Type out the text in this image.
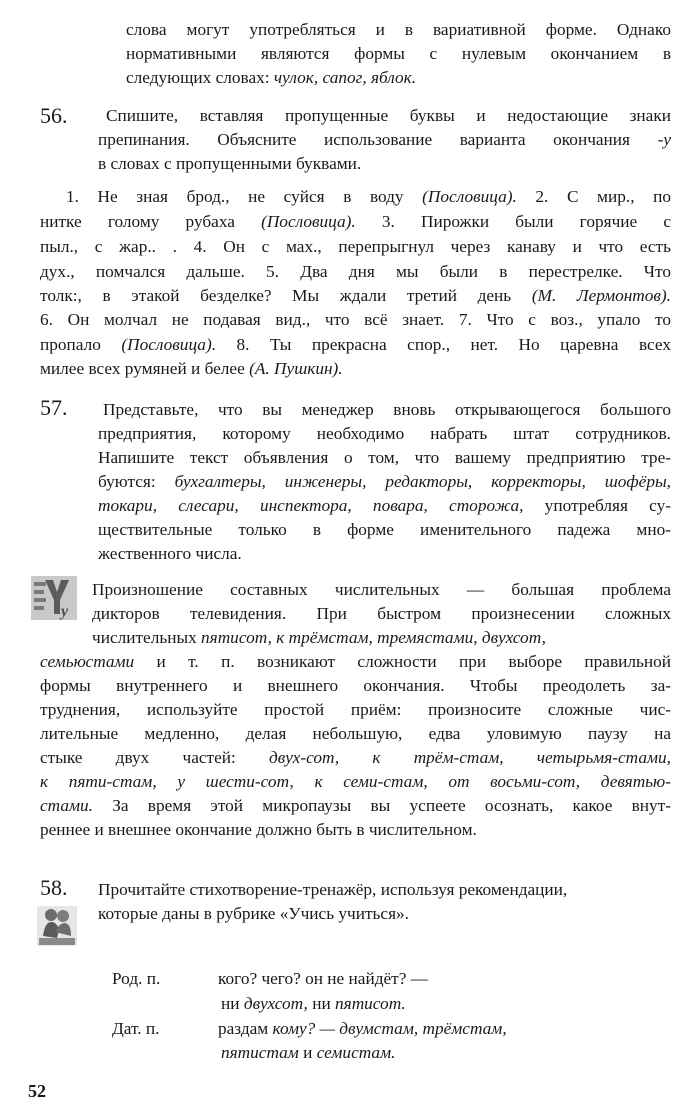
слова могут употребляться и в вариативной форме. Однако
нормативными являются формы с нулевым окончанием в
следующих словах: чулок, сапог, яблок.
56. Спишите, вставляя пропущенные буквы и недостающие знаки
препинания. Объясните использование варианта окончания -у
в словах с пропущенными буквами.
1. Не зная брод., не суйся в воду (Пословица). 2. С мир., по
нитке голому рубаха (Пословица). 3. Пирожки были горячие с
пыл., с жар.. . 4. Он с мах., перепрыгнул через канаву и что есть
дух., помчался дальше. 5. Два дня мы были в перестрелке. Что
толк:, в этакой безделке? Мы ждали третий день (М. Лермонтов).
6. Он молчал не подавая вид., что всё знает. 7. Что с воз., упало то
пропало (Пословица). 8. Ты прекрасна спор., нет. Но царевна всех
милее всех румяней и белее (А. Пушкин).
57. Представьте, что вы менеджер вновь открывающегося большого
предприятия, которому необходимо набрать штат сотрудников.
Напишите текст объявления о том, что вашему предприятию тре-
буются: бухгалтеры, инженеры, редакторы, корректоры, шофёры,
токари, слесари, инспектора, повара, сторожа, употребляя су-
ществительные только в форме именительного падежа мно-
жественного числа.
у
Произношение составных числительных — большая проблема
дикторов телевидения. При быстром произнесении сложных
числительных пятисот, к трёмстам, тремястами, двухсот,
семьюстами и т. п. возникают сложности при выборе правильной
формы внутреннего и внешнего окончания. Чтобы преодолеть за-
труднения, используйте простой приём: произносите сложные чис-
лительные медленно, делая небольшую, едва уловимую паузу на
стыке двух частей: двух-сот, к трём-стам, четырьмя-стами,
к пяти-стам, у шести-сот, к семи-стам, от восьми-сот, девятью-
стами. За время этой микропаузы вы успеете осознать, какое внут-
реннее и внешнее окончание должно быть в числительном.
58. Прочитайте стихотворение-тренажёр, используя рекомендации,
которые даны в рубрике «Учись учиться».
Род. п.	кого? чего? он не найдёт? —
ни двухсот, ни пятисот.
Дат. п.	раздам кому? — двумстам, трёмстам,
пятистам и семистам.
52
